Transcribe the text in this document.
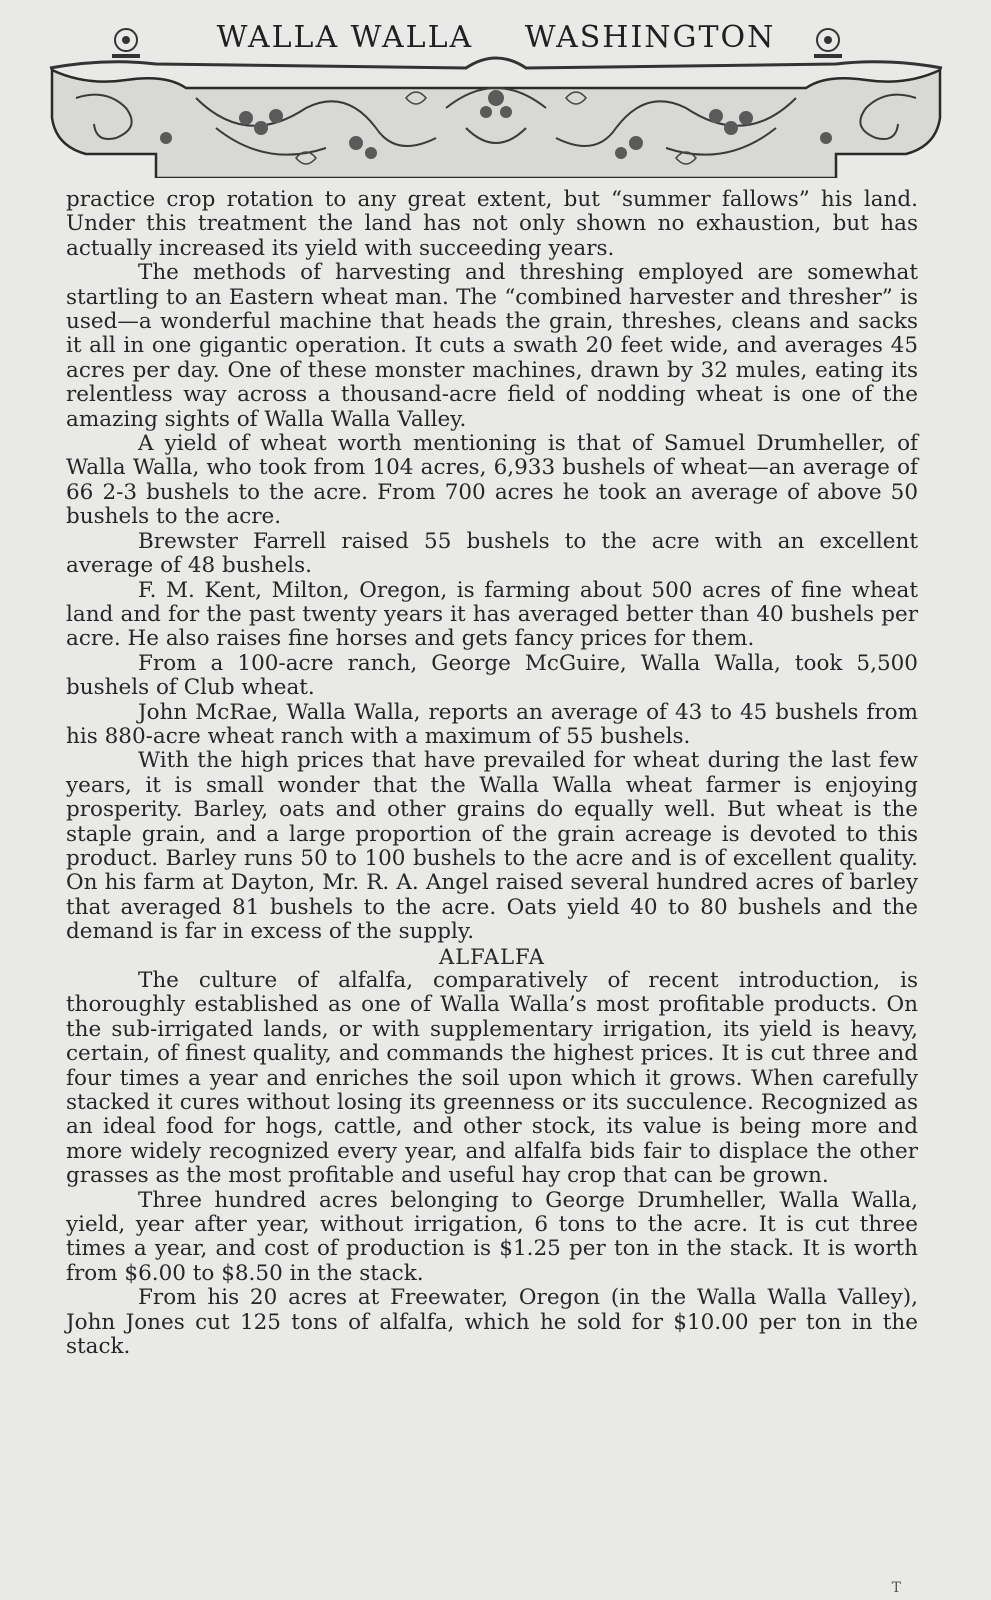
WALLA WALLA WASHINGTON

practice crop rotation to any great extent, but “summer fallows” his land. Under this treatment the land has not only shown no exhaustion, but has actually increased its yield with succeeding years.

The methods of harvesting and threshing employed are somewhat startling to an Eastern wheat man. The “combined harvester and thresher” is used—a wonderful machine that heads the grain, threshes, cleans and sacks it all in one gigantic operation. It cuts a swath 20 feet wide, and averages 45 acres per day. One of these monster machines, drawn by 32 mules, eating its relentless way across a thousand-acre field of nodding wheat is one of the amazing sights of Walla Walla Valley.

A yield of wheat worth mentioning is that of Samuel Drumheller, of Walla Walla, who took from 104 acres, 6,933 bushels of wheat—an average of 66 2-3 bushels to the acre. From 700 acres he took an average of above 50 bushels to the acre.

Brewster Farrell raised 55 bushels to the acre with an excellent average of 48 bushels.

F. M. Kent, Milton, Oregon, is farming about 500 acres of fine wheat land and for the past twenty years it has averaged better than 40 bushels per acre. He also raises fine horses and gets fancy prices for them.

From a 100-acre ranch, George McGuire, Walla Walla, took 5,500 bushels of Club wheat.

John McRae, Walla Walla, reports an average of 43 to 45 bushels from his 880-acre wheat ranch with a maximum of 55 bushels.

With the high prices that have prevailed for wheat during the last few years, it is small wonder that the Walla Walla wheat farmer is enjoying prosperity. Barley, oats and other grains do equally well. But wheat is the staple grain, and a large proportion of the grain acreage is devoted to this product. Barley runs 50 to 100 bushels to the acre and is of excellent quality. On his farm at Dayton, Mr. R. A. Angel raised several hundred acres of barley that averaged 81 bushels to the acre. Oats yield 40 to 80 bushels and the demand is far in excess of the supply.

ALFALFA

The culture of alfalfa, comparatively of recent introduction, is thoroughly established as one of Walla Walla’s most profitable products. On the sub-irrigated lands, or with supplementary irrigation, its yield is heavy, certain, of finest quality, and commands the highest prices. It is cut three and four times a year and enriches the soil upon which it grows. When carefully stacked it cures without losing its greenness or its succulence. Recognized as an ideal food for hogs, cattle, and other stock, its value is being more and more widely recognized every year, and alfalfa bids fair to displace the other grasses as the most profitable and useful hay crop that can be grown.

Three hundred acres belonging to George Drumheller, Walla Walla, yield, year after year, without irrigation, 6 tons to the acre. It is cut three times a year, and cost of production is $1.25 per ton in the stack. It is worth from $6.00 to $8.50 in the stack.

From his 20 acres at Freewater, Oregon (in the Walla Walla Valley), John Jones cut 125 tons of alfalfa, which he sold for $10.00 per ton in the stack.

T
